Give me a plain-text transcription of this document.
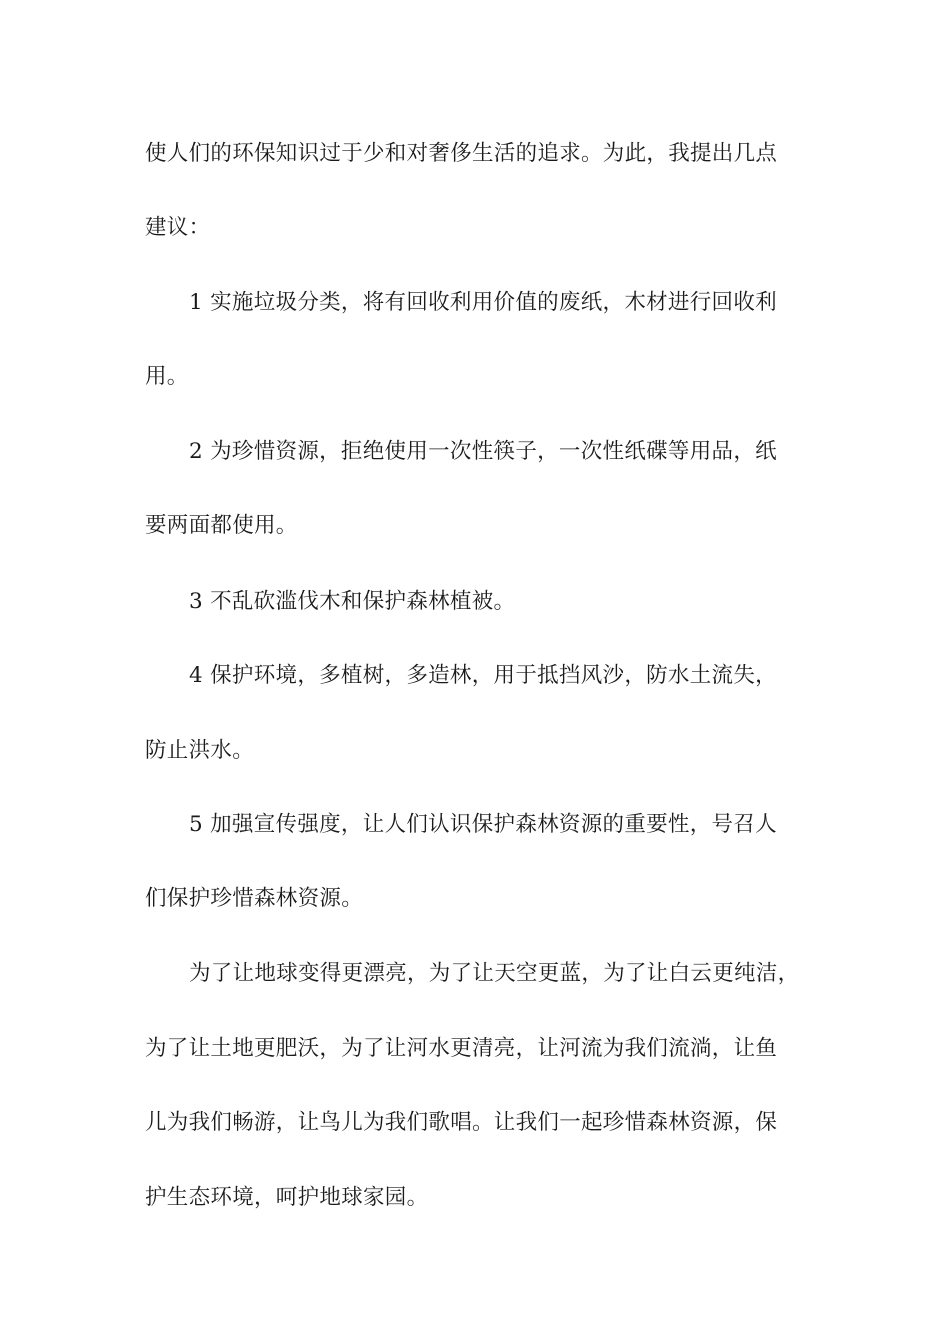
使人们的环保知识过于少和对奢侈生活的追求。为此，我提出几点
建议：
1 实施垃圾分类，将有回收利用价值的废纸，木材进行回收利
用。
2 为珍惜资源，拒绝使用一次性筷子，一次性纸碟等用品，纸
要两面都使用。
3 不乱砍滥伐木和保护森林植被。
4 保护环境，多植树，多造林，用于抵挡风沙，防水土流失，
防止洪水。
5 加强宣传强度，让人们认识保护森林资源的重要性，号召人
们保护珍惜森林资源。
为了让地球变得更漂亮，为了让天空更蓝，为了让白云更纯洁，
为了让土地更肥沃，为了让河水更清亮，让河流为我们流淌，让鱼
儿为我们畅游，让鸟儿为我们歌唱。让我们一起珍惜森林资源，保
护生态环境，呵护地球家园。
